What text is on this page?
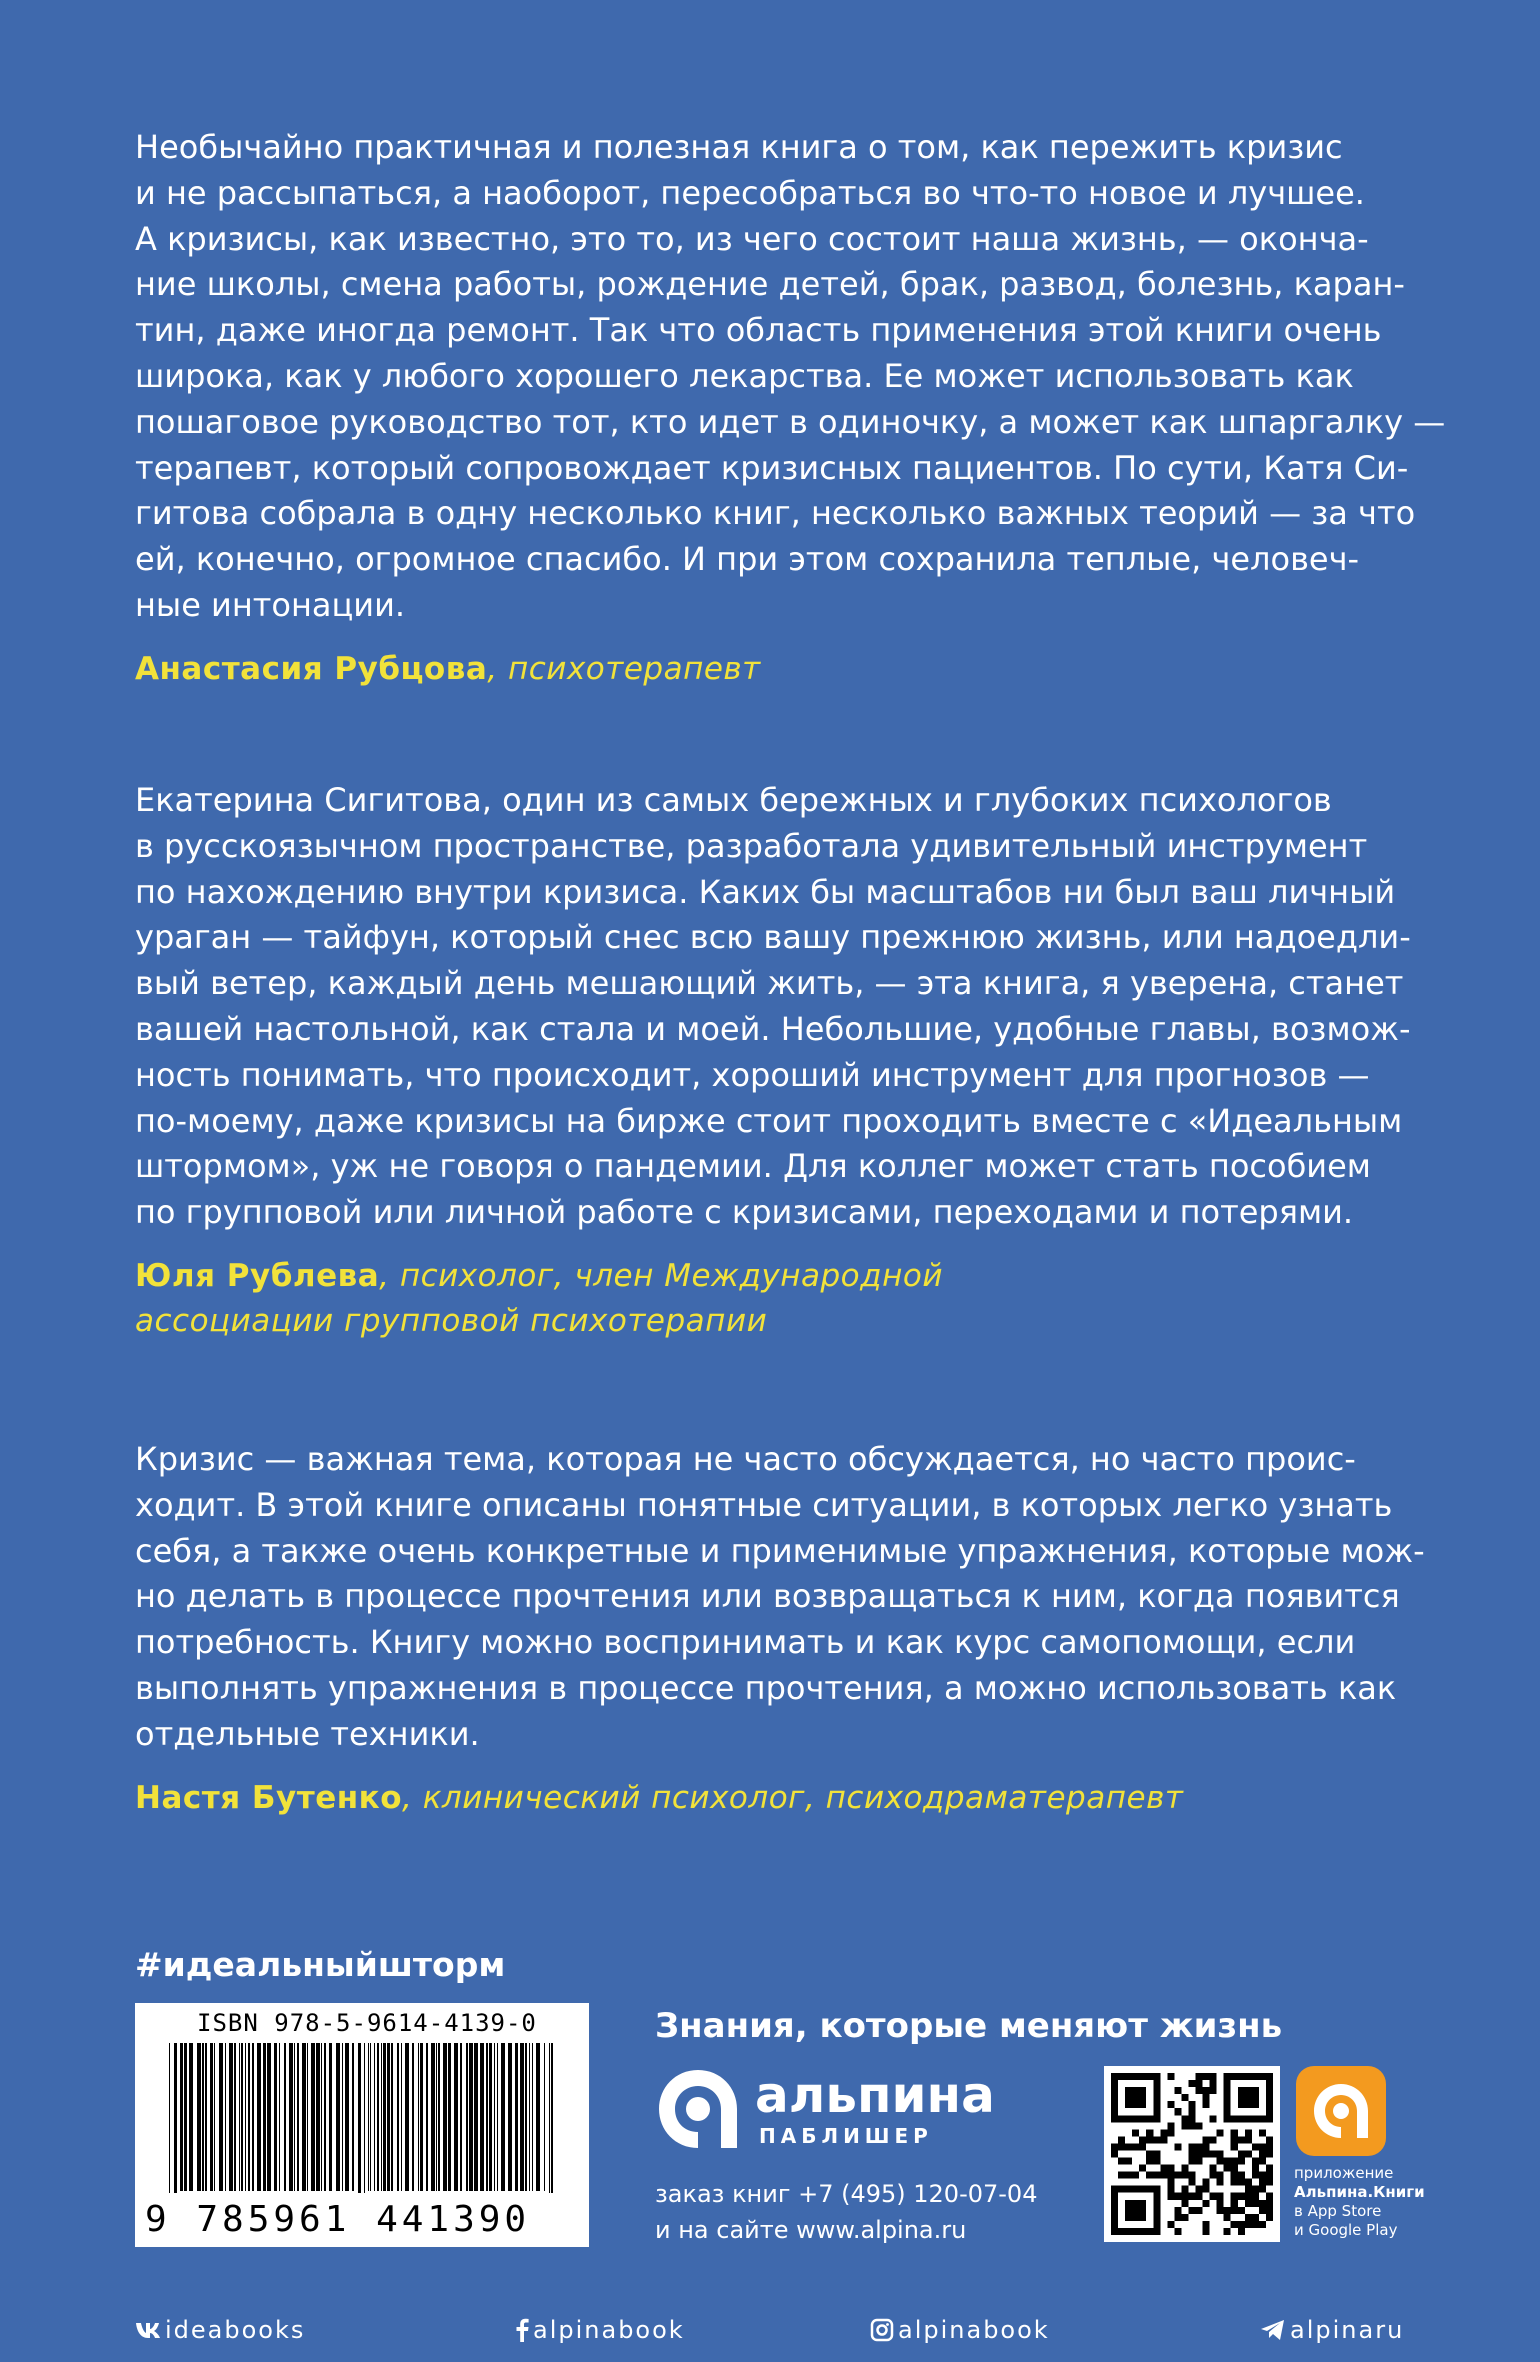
Необычайно практичная и полезная книга о том, как пережить кризис
и не рассыпаться, а наоборот, пересобраться во что-то новое и лучшее.
А кризисы, как известно, это то, из чего состоит наша жизнь, — оконча-
ние школы, смена работы, рождение детей, брак, развод, болезнь, каран-
тин, даже иногда ремонт. Так что область применения этой книги очень
широка, как у любого хорошего лекарства. Ее может использовать как
пошаговое руководство тот, кто идет в одиночку, а может как шпаргалку —
терапевт, который сопровождает кризисных пациентов. По сути, Катя Си-
гитова собрала в одну несколько книг, несколько важных теорий — за что
ей, конечно, огромное спасибо. И при этом сохранила теплые, человеч-
ные интонации.

Анастасия Рубцова, психотерапевт

Екатерина Сигитова, один из самых бережных и глубоких психологов
в русскоязычном пространстве, разработала удивительный инструмент
по нахождению внутри кризиса. Каких бы масштабов ни был ваш личный
ураган — тайфун, который снес всю вашу прежнюю жизнь, или надоедли-
вый ветер, каждый день мешающий жить, — эта книга, я уверена, станет
вашей настольной, как стала и моей. Небольшие, удобные главы, возмож-
ность понимать, что происходит, хороший инструмент для прогнозов —
по-моему, даже кризисы на бирже стоит проходить вместе с «Идеальным
штормом», уж не говоря о пандемии. Для коллег может стать пособием
по групповой или личной работе с кризисами, переходами и потерями.

Юля Рублева, психолог, член Международной
ассоциации групповой психотерапии

Кризис — важная тема, которая не часто обсуждается, но часто проис-
ходит. В этой книге описаны понятные ситуации, в которых легко узнать
себя, а также очень конкретные и применимые упражнения, которые мож-
но делать в процессе прочтения или возвращаться к ним, когда появится
потребность. Книгу можно воспринимать и как курс самопомощи, если
выполнять упражнения в процессе прочтения, а можно использовать как
отдельные техники.

Настя Бутенко, клинический психолог, психодраматерапевт
#идеальныйшторм
ISBN 978-5-9614-4139-0
9 785961 441390
Знания, которые меняют жизнь
альпина
ПАБЛИШЕР
заказ книг +7 (495) 120-07-04
и на сайте www.alpina.ru
приложение
Альпина.Книги
в App Store
и Google Play
ideabooks	alpinabook	alpinabook	alpinaru
